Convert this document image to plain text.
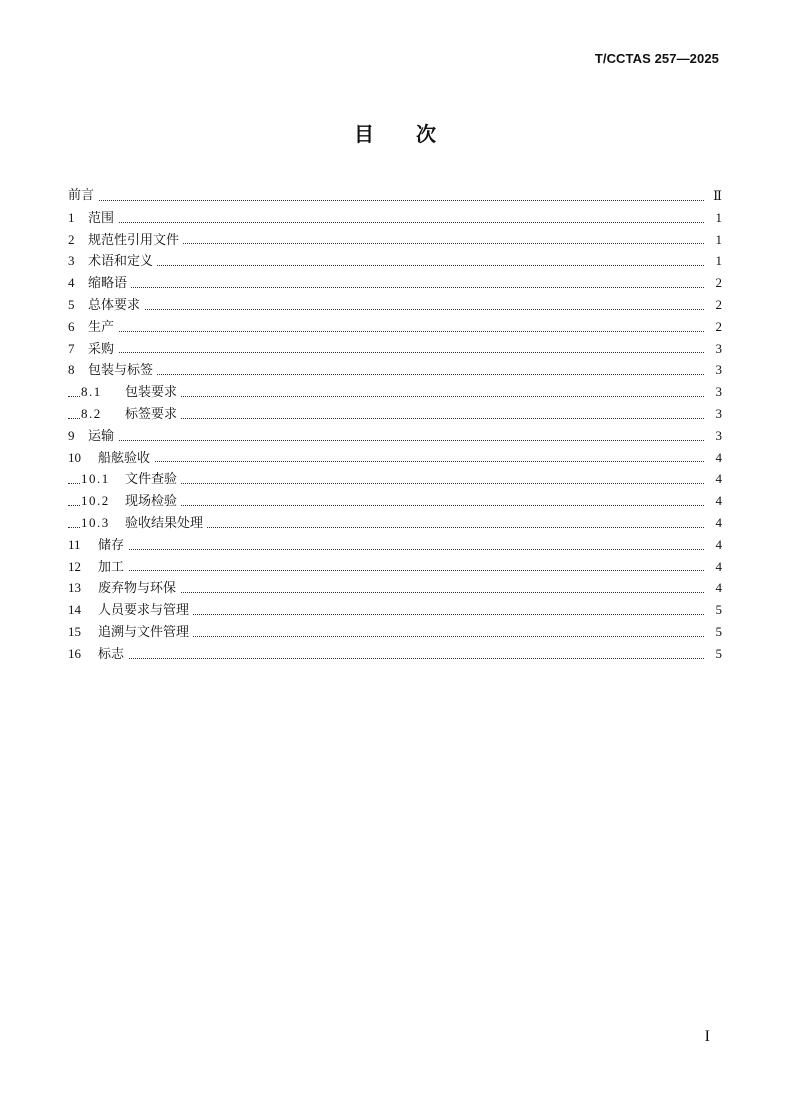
T/CCTAS 257—2025
目 次
前言	Ⅱ
1 范围	1
2 规范性引用文件	1
3 术语和定义	1
4 缩略语	2
5 总体要求	2
6 生产	2
7 采购	3
8 包装与标签	3
8.1 包装要求	3
8.2 标签要求	3
9 运输	3
10 船舷验收	4
10.1 文件查验	4
10.2 现场检验	4
10.3 验收结果处理	4
11 储存	4
12 加工	4
13 废弃物与环保	4
14 人员要求与管理	5
15 追溯与文件管理	5
16 标志	5
I
